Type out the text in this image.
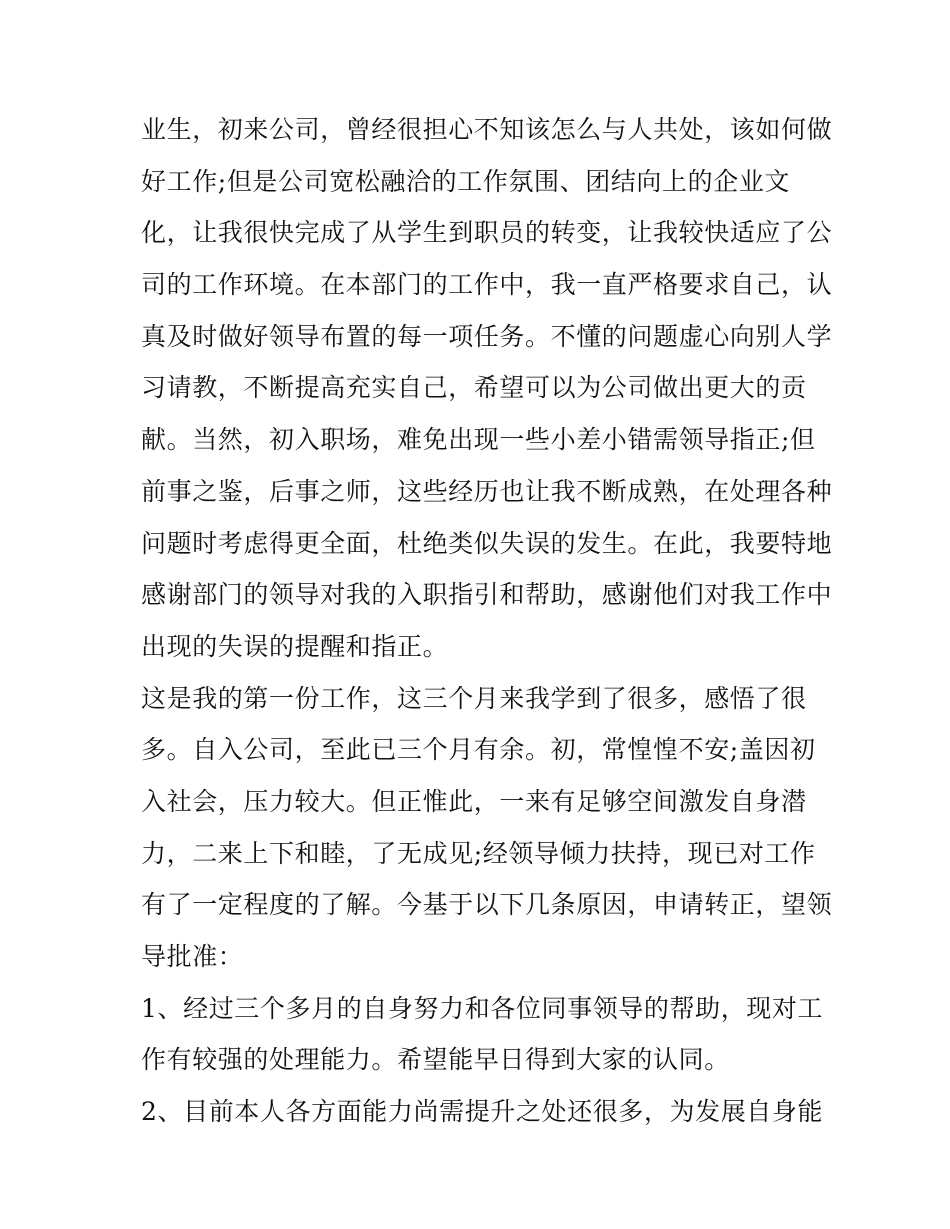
业生，初来公司，曾经很担心不知该怎么与人共处，该如何做
好工作;但是公司宽松融洽的工作氛围、团结向上的企业文
化，让我很快完成了从学生到职员的转变，让我较快适应了公
司的工作环境。在本部门的工作中，我一直严格要求自己，认
真及时做好领导布置的每一项任务。不懂的问题虚心向别人学
习请教，不断提高充实自己，希望可以为公司做出更大的贡
献。当然，初入职场，难免出现一些小差小错需领导指正;但
前事之鉴，后事之师，这些经历也让我不断成熟，在处理各种
问题时考虑得更全面，杜绝类似失误的发生。在此，我要特地
感谢部门的领导对我的入职指引和帮助，感谢他们对我工作中
出现的失误的提醒和指正。
这是我的第一份工作，这三个月来我学到了很多，感悟了很
多。自入公司，至此已三个月有余。初，常惶惶不安;盖因初
入社会，压力较大。但正惟此，一来有足够空间激发自身潜
力，二来上下和睦，了无成见;经领导倾力扶持，现已对工作
有了一定程度的了解。今基于以下几条原因，申请转正，望领
导批准：
1、经过三个多月的自身努力和各位同事领导的帮助，现对工
作有较强的处理能力。希望能早日得到大家的认同。
2、目前本人各方面能力尚需提升之处还很多，为发展自身能
